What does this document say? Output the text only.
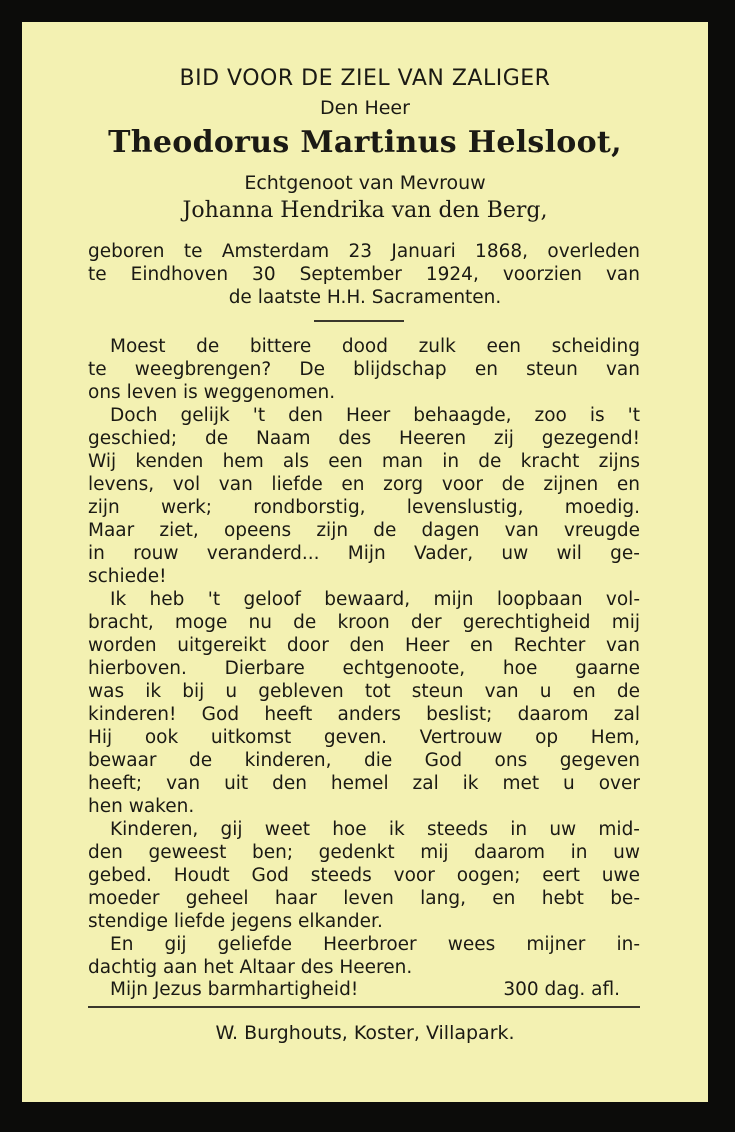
BID VOOR DE ZIEL VAN ZALIGER
Den Heer
Theodorus Martinus Helsloot,
Echtgenoot van Mevrouw
Johanna Hendrika van den Berg,
geboren te Amsterdam 23 Januari 1868, overleden
te Eindhoven 30 September 1924, voorzien van
de laatste H.H. Sacramenten.
Moest de bittere dood zulk een scheiding
te weegbrengen? De blijdschap en steun van
ons leven is weggenomen.
Doch gelijk 't den Heer behaagde, zoo is 't
geschied; de Naam des Heeren zij gezegend!
Wij kenden hem als een man in de kracht zijns
levens, vol van liefde en zorg voor de zijnen en
zijn werk; rondborstig, levenslustig, moedig.
Maar ziet, opeens zijn de dagen van vreugde
in rouw veranderd... Mijn Vader, uw wil ge-
schiede!
Ik heb 't geloof bewaard, mijn loopbaan vol-
bracht, moge nu de kroon der gerechtigheid mij
worden uitgereikt door den Heer en Rechter van
hierboven. Dierbare echtgenoote, hoe gaarne
was ik bij u gebleven tot steun van u en de
kinderen! God heeft anders beslist; daarom zal
Hij ook uitkomst geven. Vertrouw op Hem,
bewaar de kinderen, die God ons gegeven
heeft; van uit den hemel zal ik met u over
hen waken.
Kinderen, gij weet hoe ik steeds in uw mid-
den geweest ben; gedenkt mij daarom in uw
gebed. Houdt God steeds voor oogen; eert uwe
moeder geheel haar leven lang, en hebt be-
stendige liefde jegens elkander.
En gij geliefde Heerbroer wees mijner in-
dachtig aan het Altaar des Heeren.
Mijn Jezus barmhartigheid!	300 dag. afl.
W. Burghouts, Koster, Villapark.
